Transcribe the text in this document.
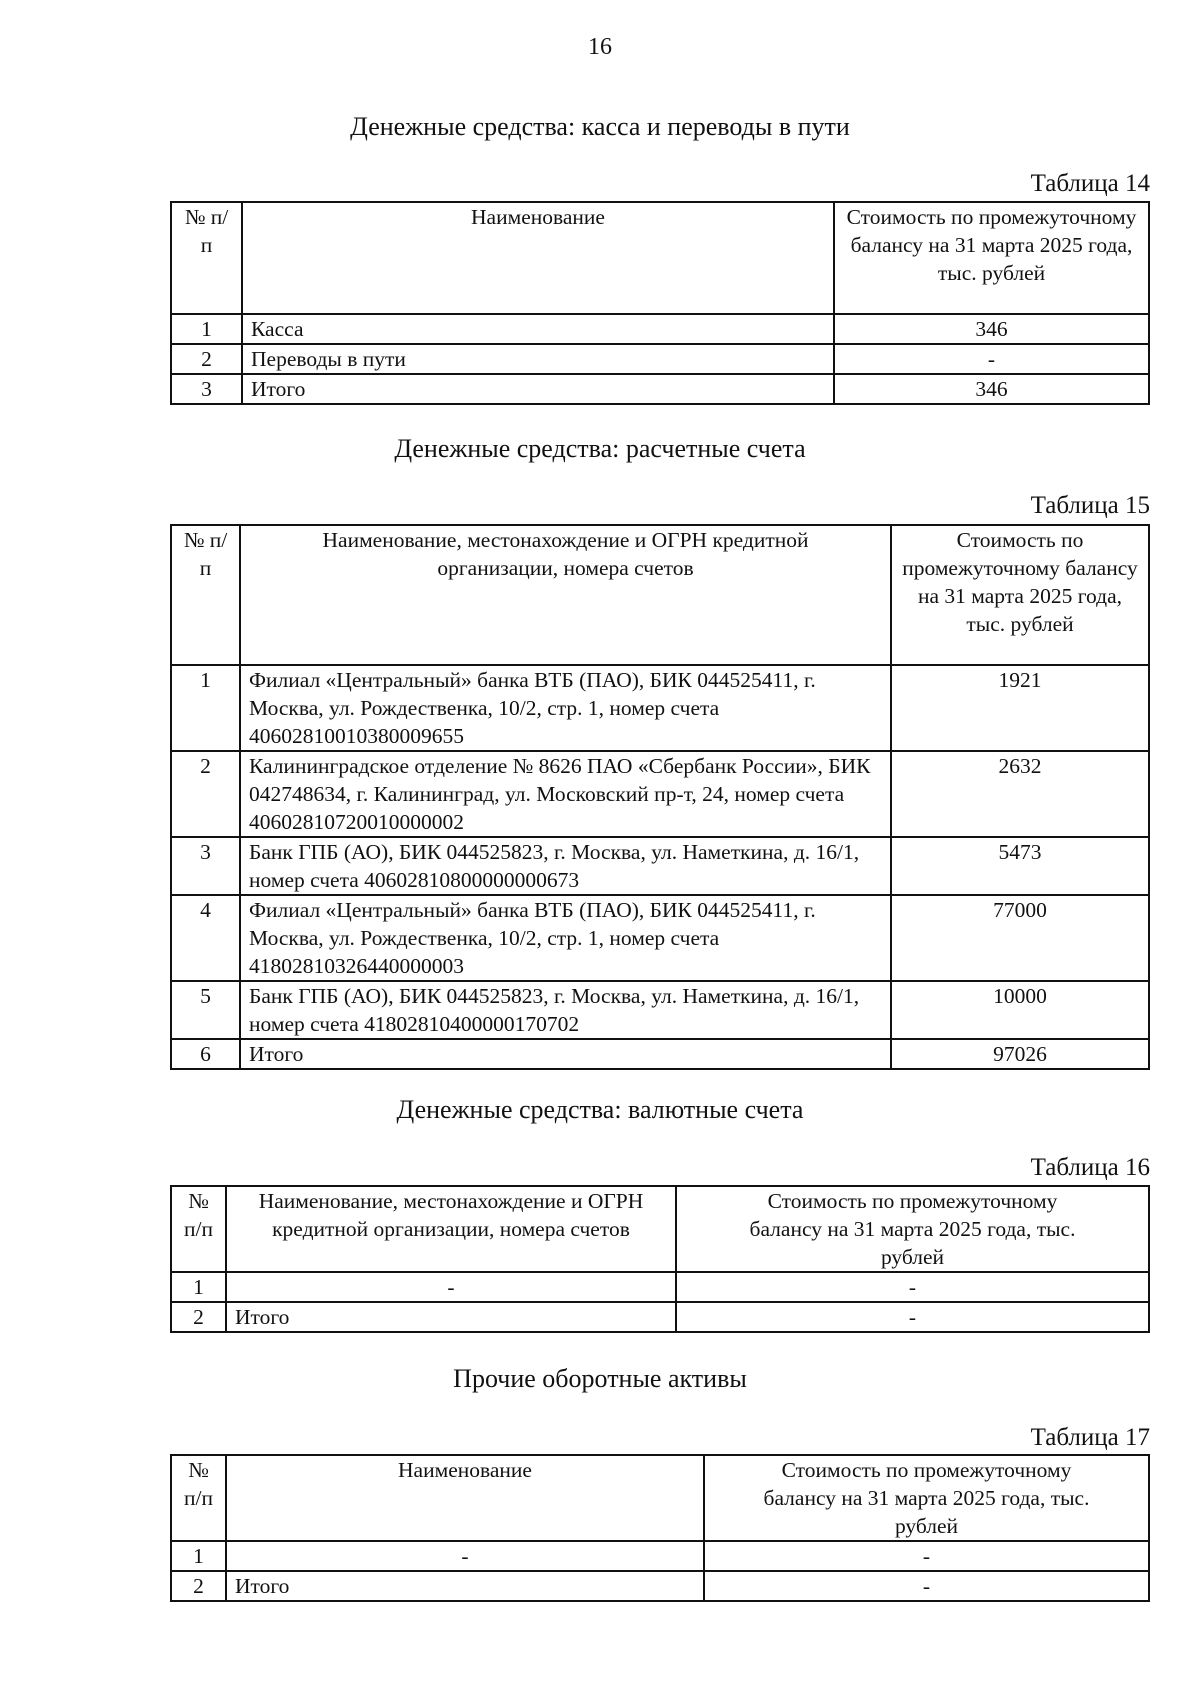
16
Денежные средства: касса и переводы в пути
Таблица 14
№ п/п	Наименование	Стоимость по промежуточному балансу на 31 марта 2025 года, тыс. рублей
1	Касса	346
2	Переводы в пути	-
3	Итого	346
Денежные средства: расчетные счета
Таблица 15
№ п/п	Наименование, местонахождение и ОГРН кредитной организации, номера счетов	Стоимость по промежуточному балансу на 31 марта 2025 года, тыс. рублей
1	Филиал «Центральный» банка ВТБ (ПАО), БИК 044525411, г. Москва, ул. Рождественка, 10/2, стр. 1, номер счета 40602810010380009655	1921
2	Калининградское отделение № 8626 ПАО «Сбербанк России», БИК 042748634, г. Калининград, ул. Московский пр-т, 24, номер счета 40602810720010000002	2632
3	Банк ГПБ (АО), БИК 044525823, г. Москва, ул. Наметкина, д. 16/1, номер счета 40602810800000000673	5473
4	Филиал «Центральный» банка ВТБ (ПАО), БИК 044525411, г. Москва, ул. Рождественка, 10/2, стр. 1, номер счета 41802810326440000003	77000
5	Банк ГПБ (АО), БИК 044525823, г. Москва, ул. Наметкина, д. 16/1, номер счета 41802810400000170702	10000
6	Итого	97026
Денежные средства: валютные счета
Таблица 16
№ п/п	Наименование, местонахождение и ОГРН кредитной организации, номера счетов	Стоимость по промежуточному балансу на 31 марта 2025 года, тыс. рублей
1	-	-
2	Итого	-
Прочие оборотные активы
Таблица 17
№ п/п	Наименование	Стоимость по промежуточному балансу на 31 марта 2025 года, тыс. рублей
1	-	-
2	Итого	-
